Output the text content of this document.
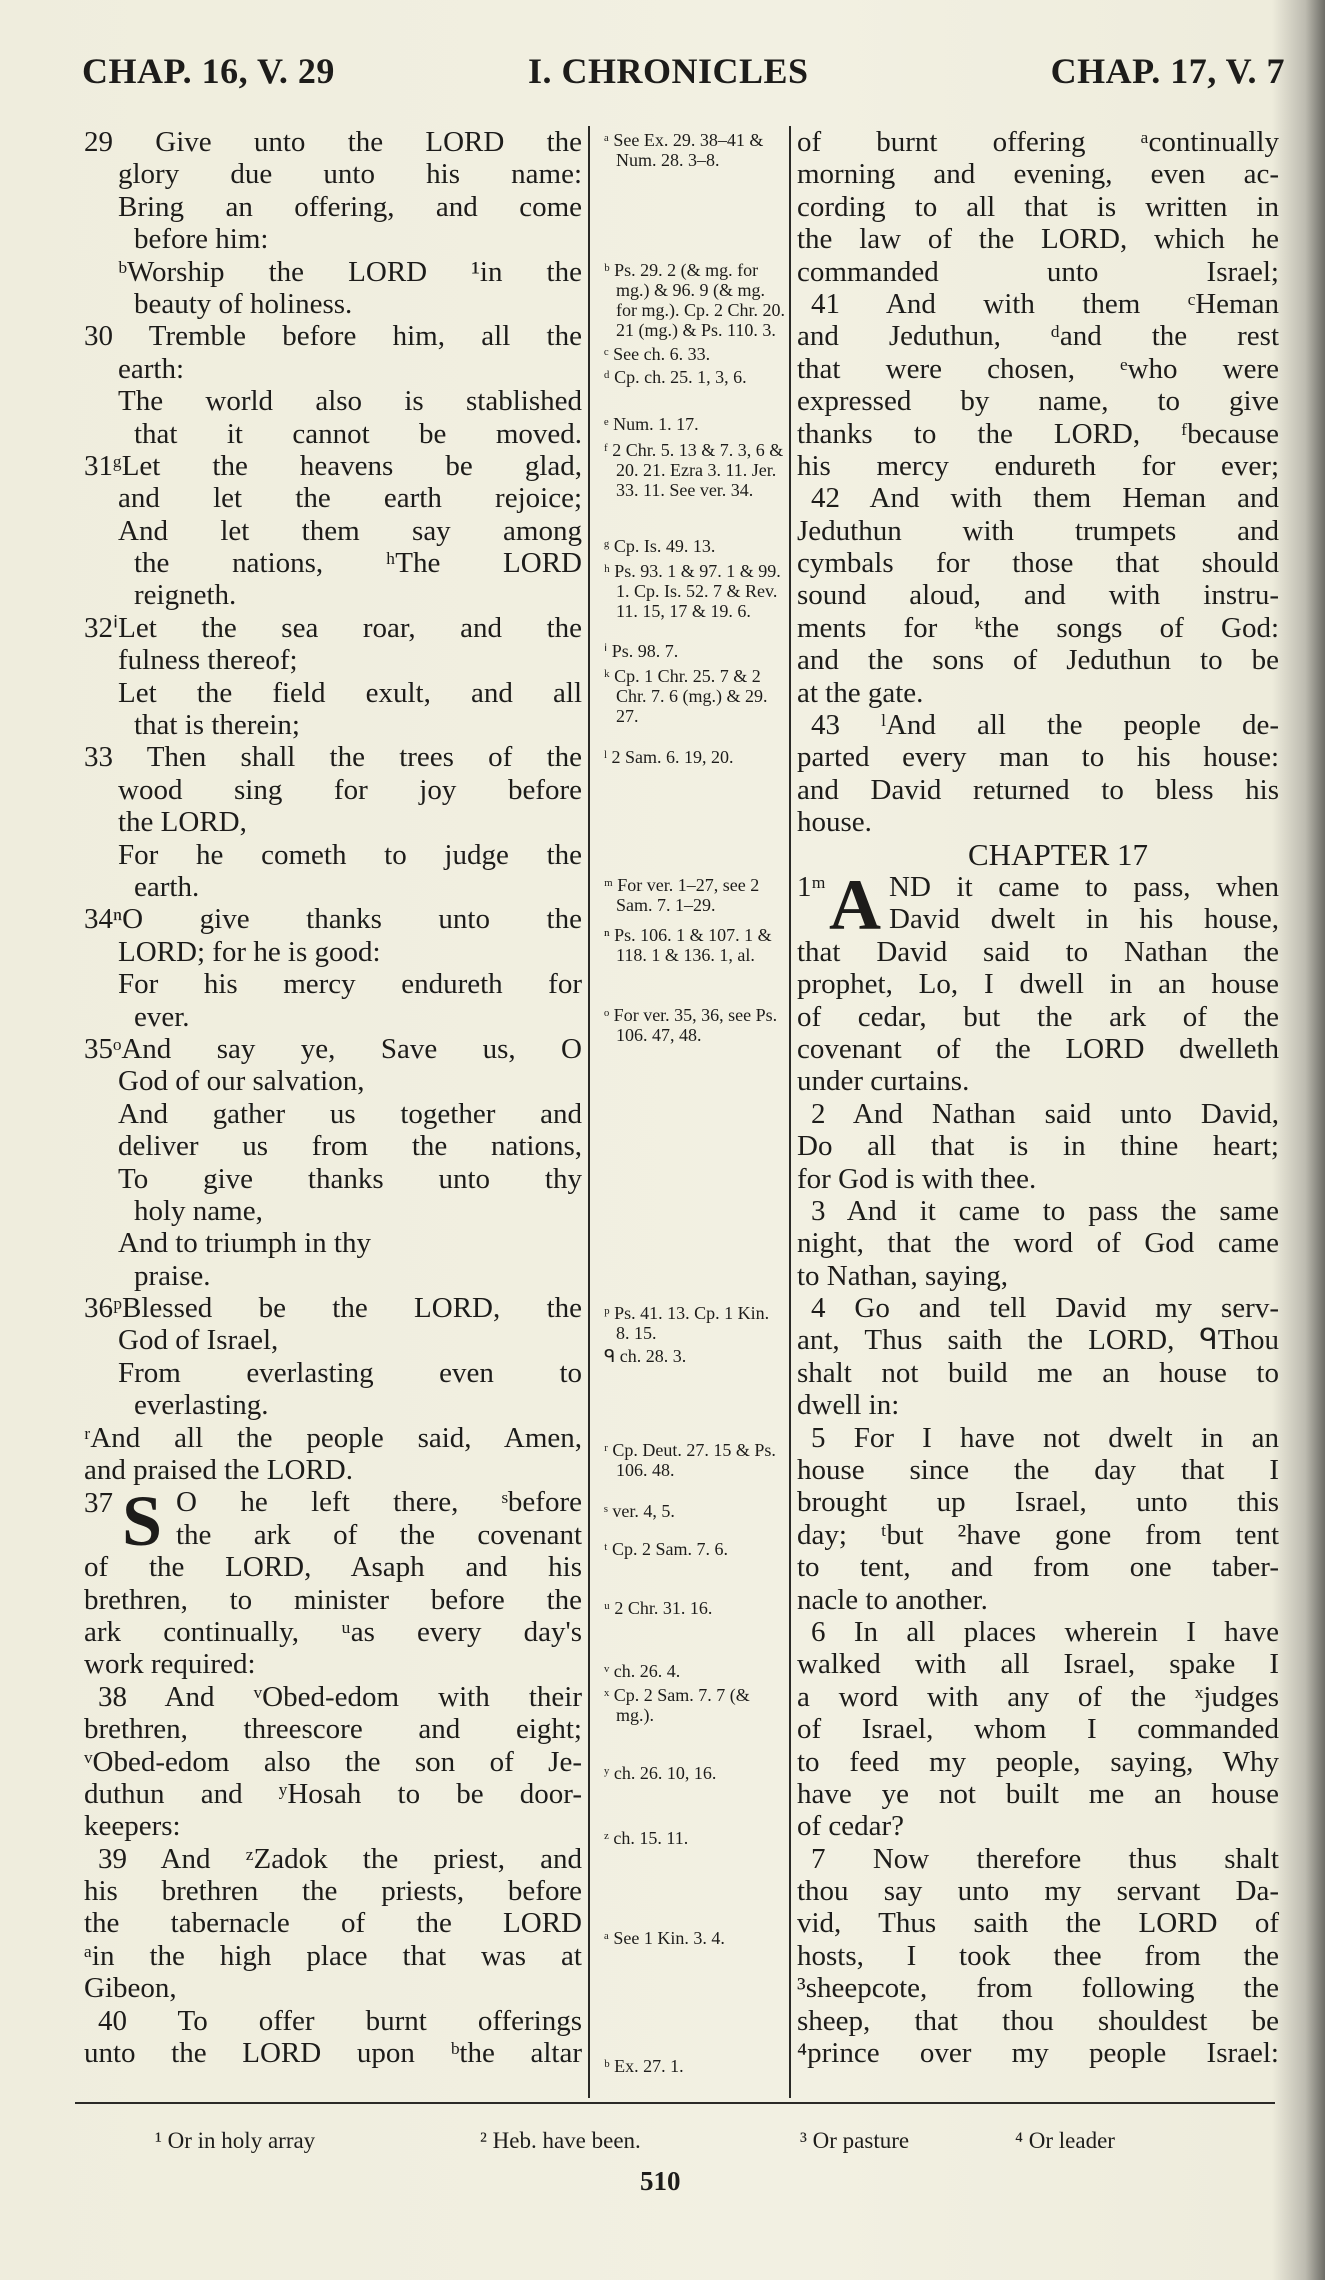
CHAP. 16, V. 29	I. CHRONICLES	CHAP. 17, V. 7
29 Give unto the LORD the
glory due unto his name:
Bring an offering, and come
before him:
ᵇWorship the LORD ¹in the
beauty of holiness.
30 Tremble before him, all the
earth:
The world also is stablished
that it cannot be moved.
31ᵍLet the heavens be glad,
and let the earth rejoice;
And let them say among
the nations, ʰThe LORD
reigneth.
32ⁱLet the sea roar, and the
fulness thereof;
Let the field exult, and all
that is therein;
33 Then shall the trees of the
wood sing for joy before
the LORD,
For he cometh to judge the
earth.
34ⁿO give thanks unto the
LORD; for he is good:
For his mercy endureth for
ever.
35ᵒAnd say ye, Save us, O
God of our salvation,
And gather us together and
deliver us from the nations,
To give thanks unto thy
holy name,
And to triumph in thy
praise.
36ᵖBlessed be the LORD, the
God of Israel,
From everlasting even to
everlasting.
ʳAnd all the people said, Amen,
and praised the LORD.
O he left there, ˢbefore
the ark of the covenant
of the LORD, Asaph and his
brethren, to minister before the
ark continually, ᵘas every day's
work required:
38 And ᵛObed-edom with their
brethren, threescore and eight;
ᵛObed-edom also the son of Je-
duthun and ʸHosah to be door-
keepers:
39 And ᶻZadok the priest, and
his brethren the priests, before
the tabernacle of the LORD
ᵃin the high place that was at
Gibeon,
40 To offer burnt offerings
unto the LORD upon ᵇthe altar
37 S
of burnt offering ᵃcontinually
morning and evening, even ac-
cording to all that is written in
the law of the LORD, which he
commanded unto Israel;
41 And with them ᶜHeman
and Jeduthun, ᵈand the rest
that were chosen, ᵉwho were
expressed by name, to give
thanks to the LORD, ᶠbecause
his mercy endureth for ever;
42 And with them Heman and
Jeduthun with trumpets and
cymbals for those that should
sound aloud, and with instru-
ments for ᵏthe songs of God:
and the sons of Jeduthun to be
at the gate.
43 ˡAnd all the people de-
parted every man to his house:
and David returned to bless his
house.
CHAPTER 17
ND it came to pass, when
David dwelt in his house,
that David said to Nathan the
prophet, Lo, I dwell in an house
of cedar, but the ark of the
covenant of the LORD dwelleth
under curtains.
2 And Nathan said unto David,
Do all that is in thine heart;
for God is with thee.
3 And it came to pass the same
night, that the word of God came
to Nathan, saying,
4 Go and tell David my serv-
ant, Thus saith the LORD, ᑫThou
shalt not build me an house to
dwell in:
5 For I have not dwelt in an
house since the day that I
brought up Israel, unto this
day; ᵗbut ²have gone from tent
to tent, and from one taber-
nacle to another.
6 In all places wherein I have
walked with all Israel, spake I
a word with any of the ˣjudges
of Israel, whom I commanded
to feed my people, saying, Why
have ye not built me an house
of cedar?
7 Now therefore thus shalt
thou say unto my servant Da-
vid, Thus saith the LORD of
hosts, I took thee from the
³sheepcote, from following the
sheep, that thou shouldest be
⁴prince over my people Israel:
1ᵐ A
ᵃ See Ex. 29. 38–41 & Num. 28. 3–8.
ᵇ Ps. 29. 2 (& mg. for mg.) & 96. 9 (& mg. for mg.). Cp. 2 Chr. 20. 21 (mg.) & Ps. 110. 3.
ᶜ See ch. 6. 33.
ᵈ Cp. ch. 25. 1, 3, 6.
ᵉ Num. 1. 17.
ᶠ 2 Chr. 5. 13 & 7. 3, 6 & 20. 21. Ezra 3. 11. Jer. 33. 11. See ver. 34.
ᵍ Cp. Is. 49. 13.
ʰ Ps. 93. 1 & 97. 1 & 99. 1. Cp. Is. 52. 7 & Rev. 11. 15, 17 & 19. 6.
ⁱ Ps. 98. 7.
ᵏ Cp. 1 Chr. 25. 7 & 2 Chr. 7. 6 (mg.) & 29. 27.
ˡ 2 Sam. 6. 19, 20.
ᵐ For ver. 1–27, see 2 Sam. 7. 1–29.
ⁿ Ps. 106. 1 & 107. 1 & 118. 1 & 136. 1, al.
ᵒ For ver. 35, 36, see Ps. 106. 47, 48.
ᵖ Ps. 41. 13. Cp. 1 Kin. 8. 15.
ᑫ ch. 28. 3.
ʳ Cp. Deut. 27. 15 & Ps. 106. 48.
ˢ ver. 4, 5.
ᵗ Cp. 2 Sam. 7. 6.
ᵘ 2 Chr. 31. 16.
ᵛ ch. 26. 4.
ˣ Cp. 2 Sam. 7. 7 (& mg.).
ʸ ch. 26. 10, 16.
ᶻ ch. 15. 11.
ᵃ See 1 Kin. 3. 4.
ᵇ Ex. 27. 1.
¹ Or in holy array	² Heb. have been.	³ Or pasture	⁴ Or leader
510
